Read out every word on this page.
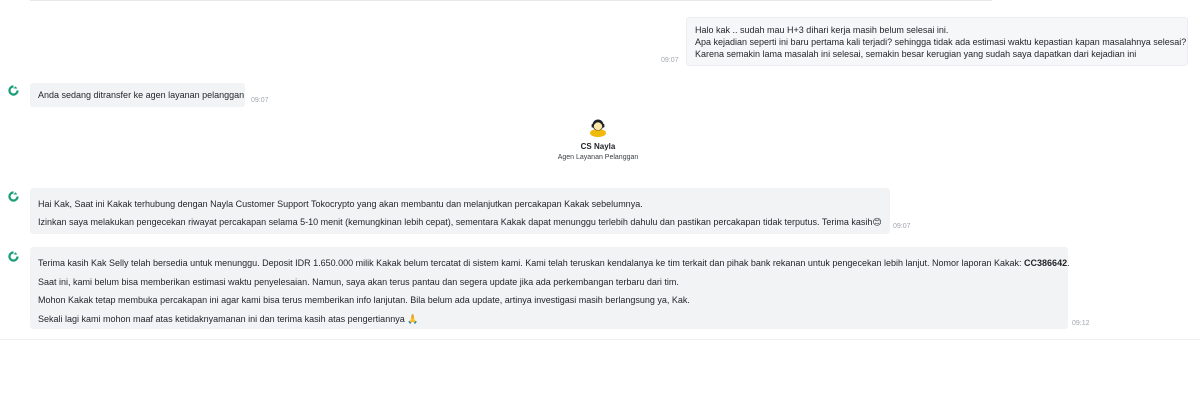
09:07

Halo kak .. sudah mau H+3 dihari kerja masih belum selesai ini.

Apa kejadian seperti ini baru pertama kali terjadi? sehingga tidak ada estimasi waktu kepastian kapan masalahnya selesai?

Karena semakin lama masalah ini selesai, semakin besar kerugian yang sudah saya dapatkan dari kejadian ini

Anda sedang ditransfer ke agen layanan pelanggan

09:07
CS Nayla
Agen Layanan Pelanggan

Hai Kak, Saat ini Kakak terhubung dengan Nayla Customer Support Tokocrypto yang akan membantu dan melanjutkan percakapan Kakak sebelumnya.

Izinkan saya melakukan pengecekan riwayat percakapan selama 5-10 menit (kemungkinan lebih cepat), sementara Kakak dapat menunggu terlebih dahulu dan pastikan percakapan tidak terputus. Terima kasih😊 09:07

Terima kasih Kak Selly telah bersedia untuk menunggu. Deposit IDR 1.650.000 milik Kakak belum tercatat di sistem kami. Kami telah teruskan kendalanya ke tim terkait dan pihak bank rekanan untuk pengecekan lebih lanjut. Nomor laporan Kakak: CC386642.

Saat ini, kami belum bisa memberikan estimasi waktu penyelesaian. Namun, saya akan terus pantau dan segera update jika ada perkembangan terbaru dari tim.

Mohon Kakak tetap membuka percakapan ini agar kami bisa terus memberikan info lanjutan. Bila belum ada update, artinya investigasi masih berlangsung ya, Kak.

Sekali lagi kami mohon maaf atas ketidaknyamanan ini dan terima kasih atas pengertiannya 🙏	09:12
